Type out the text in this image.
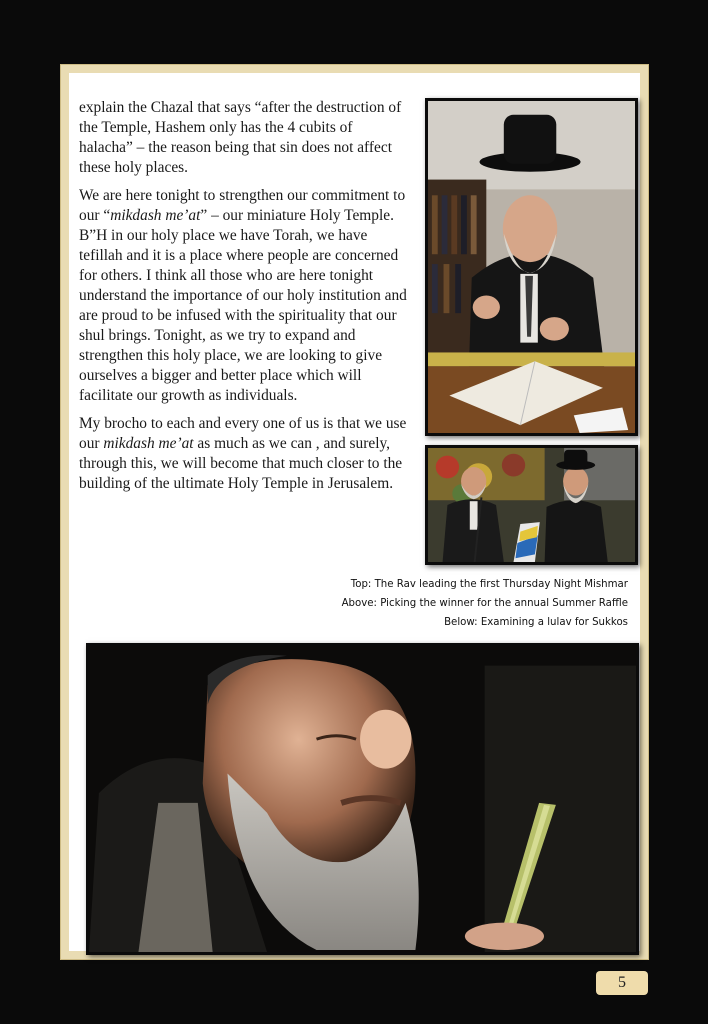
explain the Chazal that says “after the destruction of the Temple, Hashem only has the 4 cubits of halacha” – the reason being that sin does not affect these holy places.

We are here tonight to strengthen our commitment to our “mikdash me’at” – our miniature Holy Temple. B”H in our holy place we have Torah, we have tefillah and it is a place where people are concerned for others. I think all those who are here tonight understand the importance of our holy institution and are proud to be infused with the spirituality that our shul brings. Tonight, as we try to expand and strengthen this holy place, we are looking to give ourselves a bigger and better place which will facilitate our growth as individuals.

My brocho to each and every one of us is that we use our mikdash me’at as much as we can , and surely, through this, we will become that much closer to the building of the ultimate Holy Temple in Jerusalem.

Top: The Rav leading the first Thursday Night Mishmar
Above: Picking the winner for the annual Summer Raffle
Below: Examining a lulav for Sukkos
5
